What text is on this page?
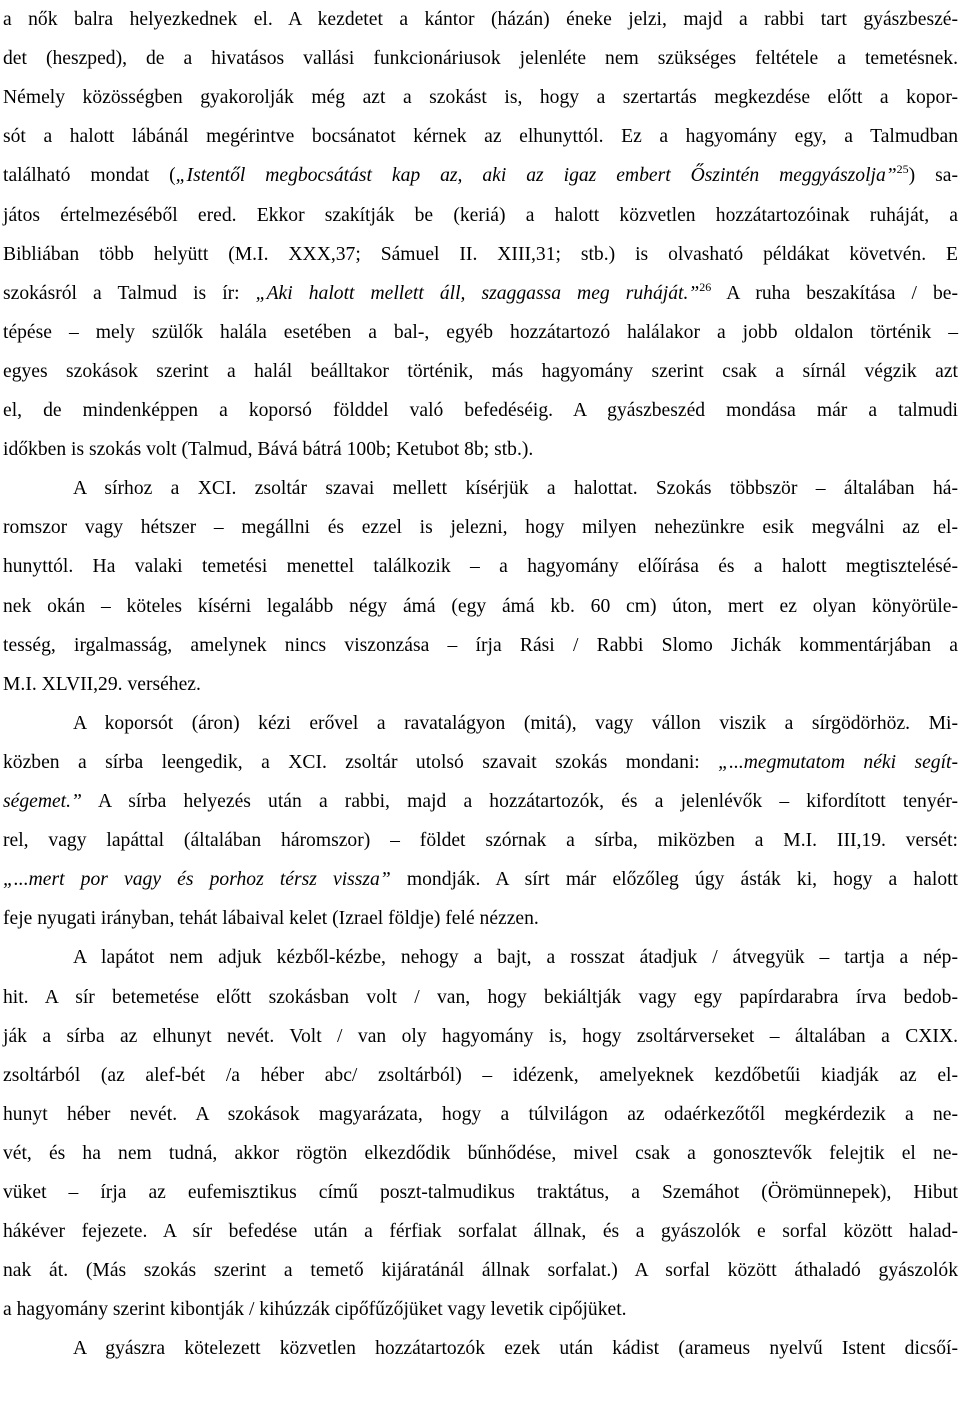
a nők balra helyezkednek el. A kezdetet a kántor (házán) éneke jelzi, majd a rabbi tart gyászbeszé-
det (heszped), de a hivatásos vallási funkcionáriusok jelenléte nem szükséges feltétele a temetésnek.
Némely közösségben gyakorolják még azt a szokást is, hogy a szertartás megkezdése előtt a kopor-
sót a halott lábánál megérintve bocsánatot kérnek az elhunyttól. Ez a hagyomány egy, a Talmudban
található mondat („Istentől megbocsátást kap az, aki az igaz embert Őszintén meggyászolja”$^{25}$) sa-
játos értelmezéséből ered. Ekkor szakítják be (keriá) a halott közvetlen hozzátartozóinak ruháját, a
Bibliában több helyütt (M.I. XXX,37; Sámuel II. XIII,31; stb.) is olvasható példákat követvén. E
szokásról a Talmud is ír: „Aki halott mellett áll, szaggassa meg ruháját.”$^{26}$ A ruha beszakítása / be-
tépése – mely szülők halála esetében a bal-, egyéb hozzátartozó halálakor a jobb oldalon történik –
egyes szokások szerint a halál beálltakor történik, más hagyomány szerint csak a sírnál végzik azt
el, de mindenképpen a koporsó földdel való befedéséig. A gyászbeszéd mondása már a talmudi
időkben is szokás volt (Talmud, Bává bátrá 100b; Ketubot 8b; stb.).
A sírhoz a XCI. zsoltár szavai mellett kísérjük a halottat. Szokás többször – általában há-
romszor vagy hétszer – megállni és ezzel is jelezni, hogy milyen nehezünkre esik megválni az el-
hunyttól. Ha valaki temetési menettel találkozik – a hagyomány előírása és a halott megtisztelésé-
nek okán – köteles kísérni legalább négy ámá (egy ámá kb. 60 cm) úton, mert ez olyan könyörüle-
tesség, irgalmasság, amelynek nincs viszonzása – írja Rási / Rabbi Slomo Jichák kommentárjában a
M.I. XLVII,29. verséhez.
A koporsót (áron) kézi erővel a ravatalágyon (mitá), vagy vállon viszik a sírgödörhöz. Mi-
közben a sírba leengedik, a XCI. zsoltár utolsó szavait szokás mondani: „...megmutatom néki segít-
ségemet.” A sírba helyezés után a rabbi, majd a hozzátartozók, és a jelenlévők – kifordított tenyér-
rel, vagy lapáttal (általában háromszor) – földet szórnak a sírba, miközben a M.I. III,19. versét:
„...mert por vagy és porhoz térsz vissza” mondják. A sírt már előzőleg úgy ásták ki, hogy a halott
feje nyugati irányban, tehát lábaival kelet (Izrael földje) felé nézzen.
A lapátot nem adjuk kézből-kézbe, nehogy a bajt, a rosszat átadjuk / átvegyük – tartja a nép-
hit. A sír betemetése előtt szokásban volt / van, hogy bekiáltják vagy egy papírdarabra írva bedob-
ják a sírba az elhunyt nevét. Volt / van oly hagyomány is, hogy zsoltárverseket – általában a CXIX.
zsoltárból (az alef-bét /a héber abc/ zsoltárból) – idézenk, amelyeknek kezdőbetűi kiadják az el-
hunyt héber nevét. A szokások magyarázata, hogy a túlvilágon az odaérkezőtől megkérdezik a ne-
vét, és ha nem tudná, akkor rögtön elkezdődik bűnhődése, mivel csak a gonosztevők felejtik el ne-
vüket – írja az eufemisztikus című poszt-talmudikus traktátus, a Szemáhot (Örömünnepek), Hibut
hákéver fejezete. A sír befedése után a férfiak sorfalat állnak, és a gyászolók e sorfal között halad-
nak át. (Más szokás szerint a temető kijáratánál állnak sorfalat.) A sorfal között áthaladó gyászolók
a hagyomány szerint kibontják / kihúzzák cipőfűzőjüket vagy levetik cipőjüket.
A gyászra kötelezett közvetlen hozzátartozók ezek után kádist (arameus nyelvű Istent dicsőí-
